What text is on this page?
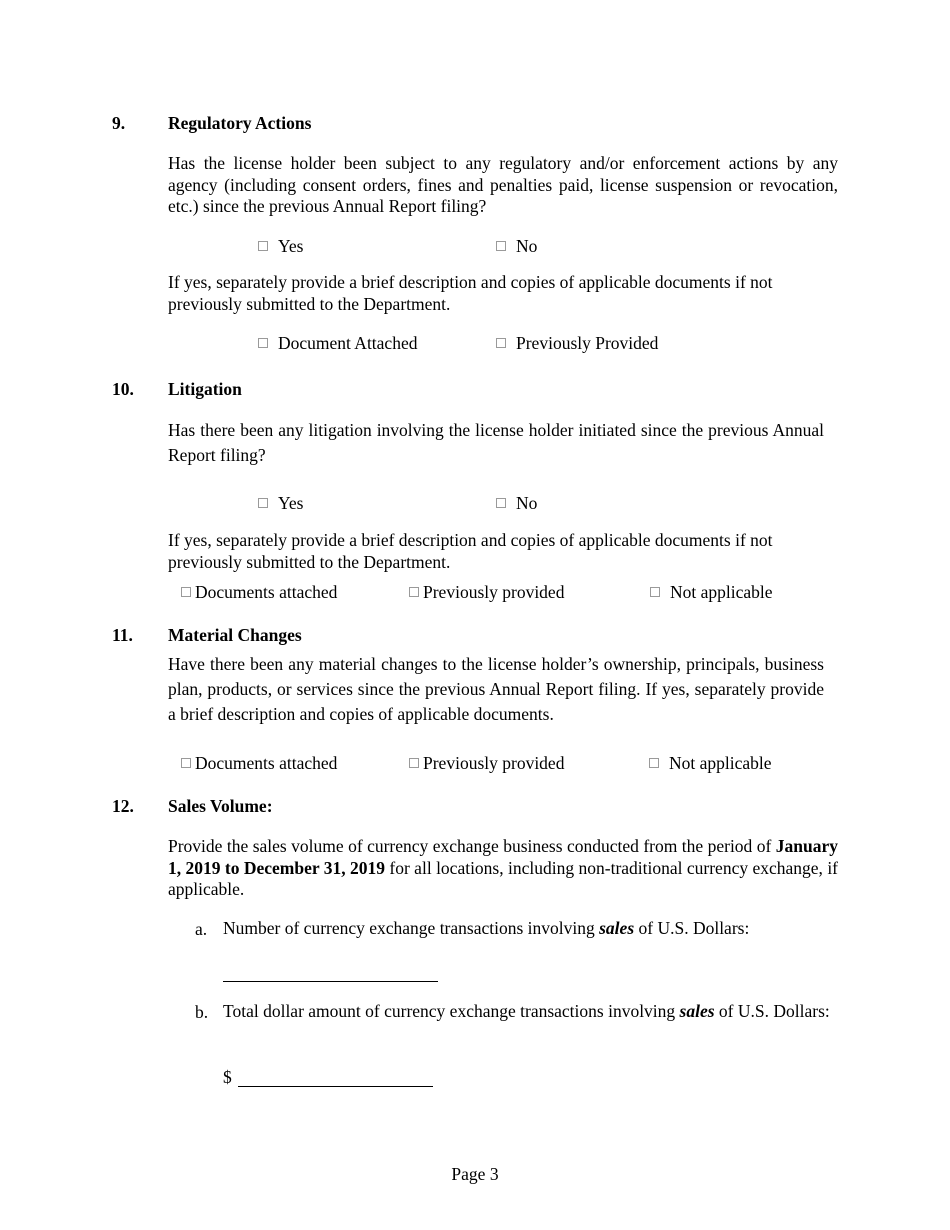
9. Regulatory Actions
Has the license holder been subject to any regulatory and/or enforcement actions by any agency (including consent orders, fines and penalties paid, license suspension or revocation, etc.) since the previous Annual Report filing?
Yes	No
If yes, separately provide a brief description and copies of applicable documents if not previously submitted to the Department.
Document Attached	Previously Provided
10. Litigation
Has there been any litigation involving the license holder initiated since the previous Annual Report filing?
Yes	No
If yes, separately provide a brief description and copies of applicable documents if not previously submitted to the Department.
Documents attached	Previously provided	Not applicable
11. Material Changes
Have there been any material changes to the license holder’s ownership, principals, business plan, products, or services since the previous Annual Report filing. If yes, separately provide a brief description and copies of applicable documents.
Documents attached	Previously provided	Not applicable
12. Sales Volume:
Provide the sales volume of currency exchange business conducted from the period of January 1, 2019 to December 31, 2019 for all locations, including non-traditional currency exchange, if applicable.
a. Number of currency exchange transactions involving sales of U.S. Dollars:
b. Total dollar amount of currency exchange transactions involving sales of U.S. Dollars:
$
Page 3
